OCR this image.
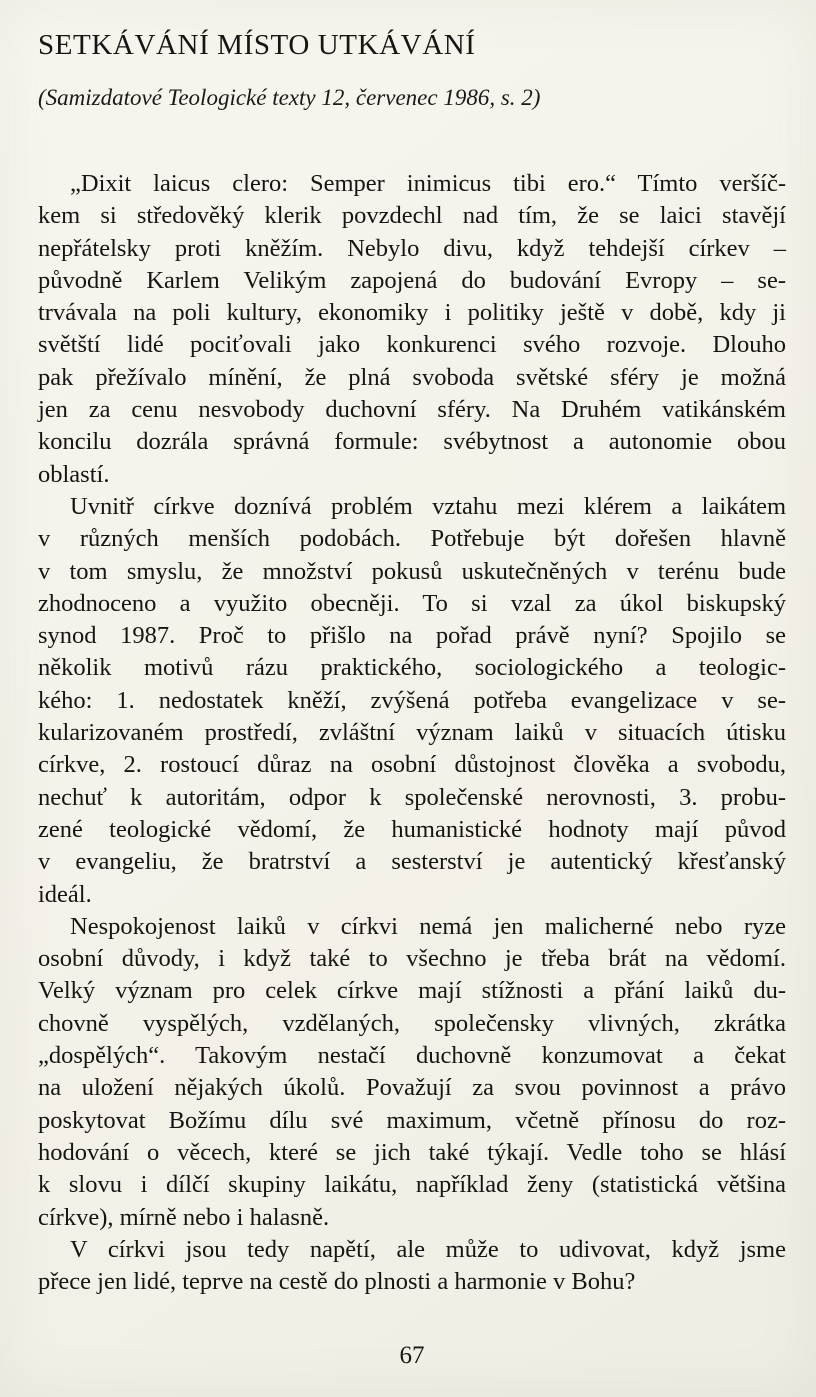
SETKÁVÁNÍ MÍSTO UTKÁVÁNÍ
(Samizdatové Teologické texty 12, červenec 1986, s. 2)
„Dixit laicus clero: Semper inimicus tibi ero.“ Tímto veršíč-
kem si středověký klerik povzdechl nad tím, že se laici stavějí
nepřátelsky proti kněžím. Nebylo divu, když tehdejší církev –
původně Karlem Velikým zapojená do budování Evropy – se-
trvávala na poli kultury, ekonomiky i politiky ještě v době, kdy ji
světští lidé pociťovali jako konkurenci svého rozvoje. Dlouho
pak přežívalo mínění, že plná svoboda světské sféry je možná
jen za cenu nesvobody duchovní sféry. Na Druhém vatikánském
koncilu dozrála správná formule: svébytnost a autonomie obou
oblastí.
Uvnitř církve doznívá problém vztahu mezi klérem a laikátem
v různých menších podobách. Potřebuje být dořešen hlavně
v tom smyslu, že množství pokusů uskutečněných v terénu bude
zhodnoceno a využito obecněji. To si vzal za úkol biskupský
synod 1987. Proč to přišlo na pořad právě nyní? Spojilo se
několik motivů rázu praktického, sociologického a teologic-
kého: 1. nedostatek kněží, zvýšená potřeba evangelizace v se-
kularizovaném prostředí, zvláštní význam laiků v situacích útisku
církve, 2. rostoucí důraz na osobní důstojnost člověka a svobodu,
nechuť k autoritám, odpor k společenské nerovnosti, 3. probu-
zené teologické vědomí, že humanistické hodnoty mají původ
v evangeliu, že bratrství a sesterství je autentický křesťanský
ideál.
Nespokojenost laiků v církvi nemá jen malicherné nebo ryze
osobní důvody, i když také to všechno je třeba brát na vědomí.
Velký význam pro celek církve mají stížnosti a přání laiků du-
chovně vyspělých, vzdělaných, společensky vlivných, zkrátka
„dospělých“. Takovým nestačí duchovně konzumovat a čekat
na uložení nějakých úkolů. Považují za svou povinnost a právo
poskytovat Božímu dílu své maximum, včetně přínosu do roz-
hodování o věcech, které se jich také týkají. Vedle toho se hlásí
k slovu i dílčí skupiny laikátu, například ženy (statistická většina
církve), mírně nebo i halasně.
V církvi jsou tedy napětí, ale může to udivovat, když jsme
přece jen lidé, teprve na cestě do plnosti a harmonie v Bohu?
67
